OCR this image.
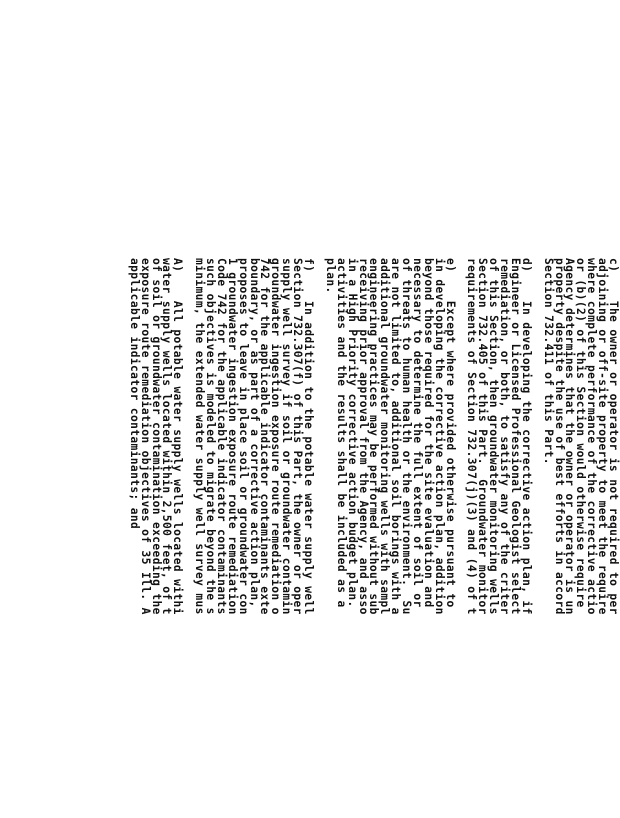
c)    The owner or operator is not required to per
adjoining or off-site property to meet the require
where complete performance of the corrective actio
or (b)(2) of this Section would otherwise require
Agency determines that the owner or operator is un
property despite the use of best efforts in accord
Section 732.411 of this Part.
d)    In developing the corrective action plan, if
Engineer or Licensed Professional Geologist select
remediation, or both, to satisfy any of the criter
of this Section, then groundwater monitoring wells
Section 732.405 of this Part.  Groundwater monitor
requirements of Section 732.307(j)(3) and (4) of t
e)    Except where provided otherwise pursuant to
in developing the corrective action plan, addition
beyond those required for the site evaluation and
necessary to determine the full extent of soil or
of threats to human health or the environment.  Su
are not limited to, additional soil borings with a
additional groundwater monitoring wells with sampl
engineering practices may be performed without sub
receiving prior approval from the Agency, and asso
in a High Priority corrective action budget plan.
activities and the results shall be included as a
plan.
f)    In addition to the potable water supply well
Section 732.307(f) of this Part, the owner or oper
supply well survey if soil or groundwater contamin
groundwater ingestion exposure route remediation o
742 for the applicable indicator contaminants exte
boundary, or as part of a corrective action plan,
proposes to leave in place soil or groundwater con
1 groundwater ingestion exposure route remediation
Code 742 for the applicable indicator contaminants
such objectives is modeled to migrate beyond the s
minimum, the extended water supply well survey mus
A)    All potable water supply wells located withi
water supply wells located within 2,500 feet, of t
of soil or groundwater contamination exceeding the
exposure route remediation objectives of 35 Ill. A
applicable indicator contaminants; and
